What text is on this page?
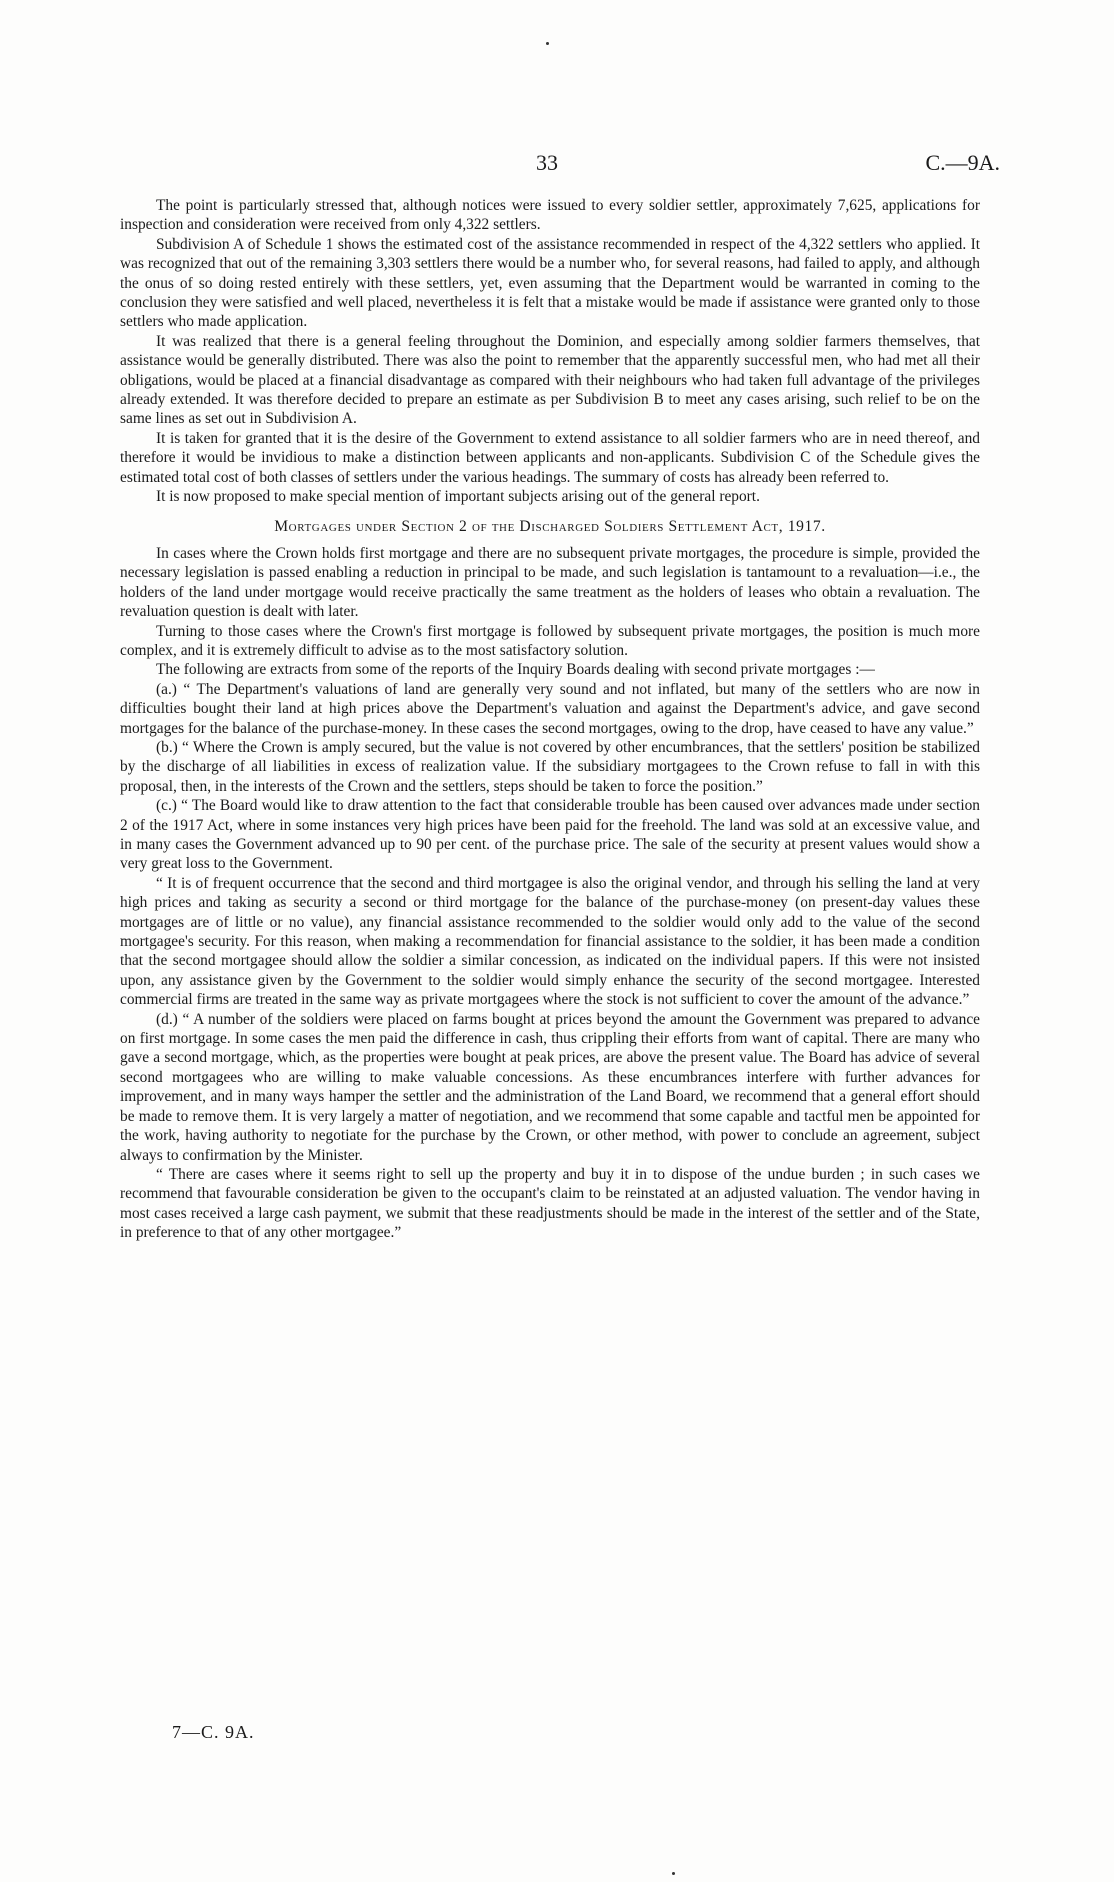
33	C.—9A.

The point is particularly stressed that, although notices were issued to every soldier settler, approximately 7,625, applications for inspection and consideration were received from only 4,322 settlers.

Subdivision A of Schedule 1 shows the estimated cost of the assistance recommended in respect of the 4,322 settlers who applied. It was recognized that out of the remaining 3,303 settlers there would be a number who, for several reasons, had failed to apply, and although the onus of so doing rested entirely with these settlers, yet, even assuming that the Department would be warranted in coming to the conclusion they were satisfied and well placed, nevertheless it is felt that a mistake would be made if assistance were granted only to those settlers who made application.

It was realized that there is a general feeling throughout the Dominion, and especially among soldier farmers themselves, that assistance would be generally distributed. There was also the point to remember that the apparently successful men, who had met all their obligations, would be placed at a financial disadvantage as compared with their neighbours who had taken full advantage of the privileges already extended. It was therefore decided to prepare an estimate as per Subdivision B to meet any cases arising, such relief to be on the same lines as set out in Subdivision A.

It is taken for granted that it is the desire of the Government to extend assistance to all soldier farmers who are in need thereof, and therefore it would be invidious to make a distinction between applicants and non-applicants. Subdivision C of the Schedule gives the estimated total cost of both classes of settlers under the various headings. The summary of costs has already been referred to.

It is now proposed to make special mention of important subjects arising out of the general report.

Mortgages under Section 2 of the Discharged Soldiers Settlement Act, 1917.

In cases where the Crown holds first mortgage and there are no subsequent private mortgages, the procedure is simple, provided the necessary legislation is passed enabling a reduction in principal to be made, and such legislation is tantamount to a revaluation—i.e., the holders of the land under mortgage would receive practically the same treatment as the holders of leases who obtain a revaluation. The revaluation question is dealt with later.

Turning to those cases where the Crown's first mortgage is followed by subsequent private mortgages, the position is much more complex, and it is extremely difficult to advise as to the most satisfactory solution.

The following are extracts from some of the reports of the Inquiry Boards dealing with second private mortgages :—

(a.) “ The Department's valuations of land are generally very sound and not inflated, but many of the settlers who are now in difficulties bought their land at high prices above the Department's valuation and against the Department's advice, and gave second mortgages for the balance of the purchase-money. In these cases the second mortgages, owing to the drop, have ceased to have any value.”

(b.) “ Where the Crown is amply secured, but the value is not covered by other encumbrances, that the settlers' position be stabilized by the discharge of all liabilities in excess of realization value. If the subsidiary mortgagees to the Crown refuse to fall in with this proposal, then, in the interests of the Crown and the settlers, steps should be taken to force the position.”

(c.) “ The Board would like to draw attention to the fact that considerable trouble has been caused over advances made under section 2 of the 1917 Act, where in some instances very high prices have been paid for the freehold. The land was sold at an excessive value, and in many cases the Government advanced up to 90 per cent. of the purchase price. The sale of the security at present values would show a very great loss to the Government.

“ It is of frequent occurrence that the second and third mortgagee is also the original vendor, and through his selling the land at very high prices and taking as security a second or third mortgage for the balance of the purchase-money (on present-day values these mortgages are of little or no value), any financial assistance recommended to the soldier would only add to the value of the second mortgagee's security. For this reason, when making a recommendation for financial assistance to the soldier, it has been made a condition that the second mortgagee should allow the soldier a similar concession, as indicated on the individual papers. If this were not insisted upon, any assistance given by the Government to the soldier would simply enhance the security of the second mortgagee. Interested commercial firms are treated in the same way as private mortgagees where the stock is not sufficient to cover the amount of the advance.”

(d.) “ A number of the soldiers were placed on farms bought at prices beyond the amount the Government was prepared to advance on first mortgage. In some cases the men paid the difference in cash, thus crippling their efforts from want of capital. There are many who gave a second mortgage, which, as the properties were bought at peak prices, are above the present value. The Board has advice of several second mortgagees who are willing to make valuable concessions. As these encumbrances interfere with further advances for improvement, and in many ways hamper the settler and the administration of the Land Board, we recommend that a general effort should be made to remove them. It is very largely a matter of negotiation, and we recommend that some capable and tactful men be appointed for the work, having authority to negotiate for the purchase by the Crown, or other method, with power to conclude an agreement, subject always to confirmation by the Minister.

“ There are cases where it seems right to sell up the property and buy it in to dispose of the undue burden ; in such cases we recommend that favourable consideration be given to the occupant's claim to be reinstated at an adjusted valuation. The vendor having in most cases received a large cash payment, we submit that these readjustments should be made in the interest of the settler and of the State, in preference to that of any other mortgagee.”

7—C. 9A.
